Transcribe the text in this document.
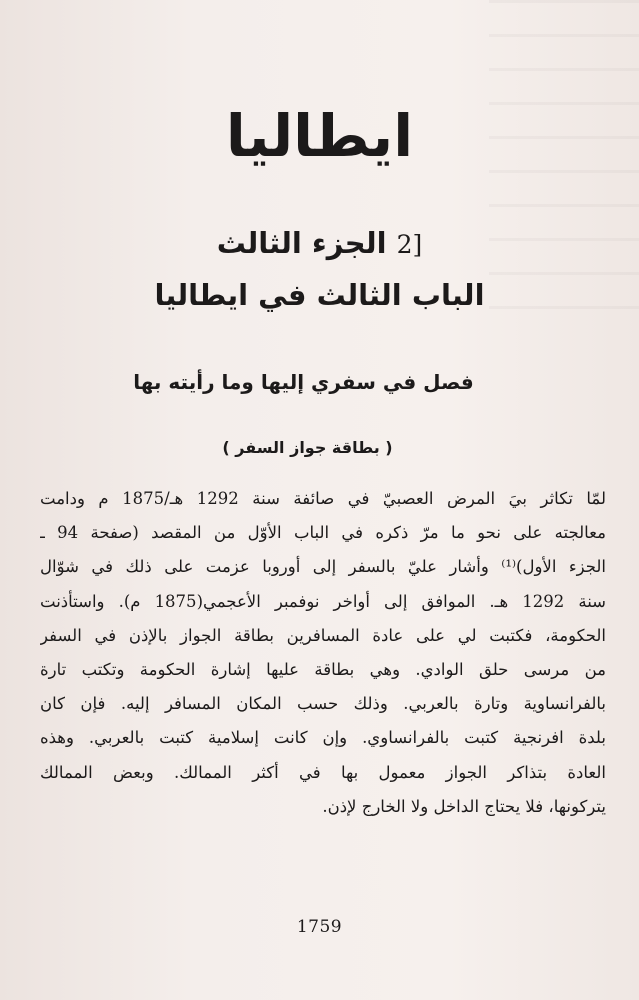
ايطاليا
[2 الجزء الثالث
الباب الثالث في ايطاليا
فصل في سفري إليها وما رأيته بها
( بطاقة جواز السفر )
لمّا تكاثر بيَ المرض العصبيّ في صائفة سنة 1292 هـ/1875 م ودامت
معالجته على نحو ما مرّ ذكره في الباب الأوّل من المقصد (صفحة 94 ـ
الجزء الأول)⁽¹⁾ وأشار عليّ بالسفر إلى أوروبا عزمت على ذلك في شوّال
سنة 1292 هـ. الموافق إلى أواخر نوفمبر الأعجمي(1875 م). واستأذنت
الحكومة، فكتبت لي على عادة المسافرين بطاقة الجواز بالإذن في السفر
من مرسى حلق الوادي. وهي بطاقة عليها إشارة الحكومة وتكتب تارة
بالفرانساوية وتارة بالعربي. وذلك حسب المكان المسافر إليه. فإن كان
بلدة افرنجية كتبت بالفرانساوي. وإن كانت إسلامية كتبت بالعربي. وهذه
العادة بتذاكر الجواز معمول بها في أكثر الممالك. وبعض الممالك
يتركونها، فلا يحتاج الداخل ولا الخارج لإذن.
1759
